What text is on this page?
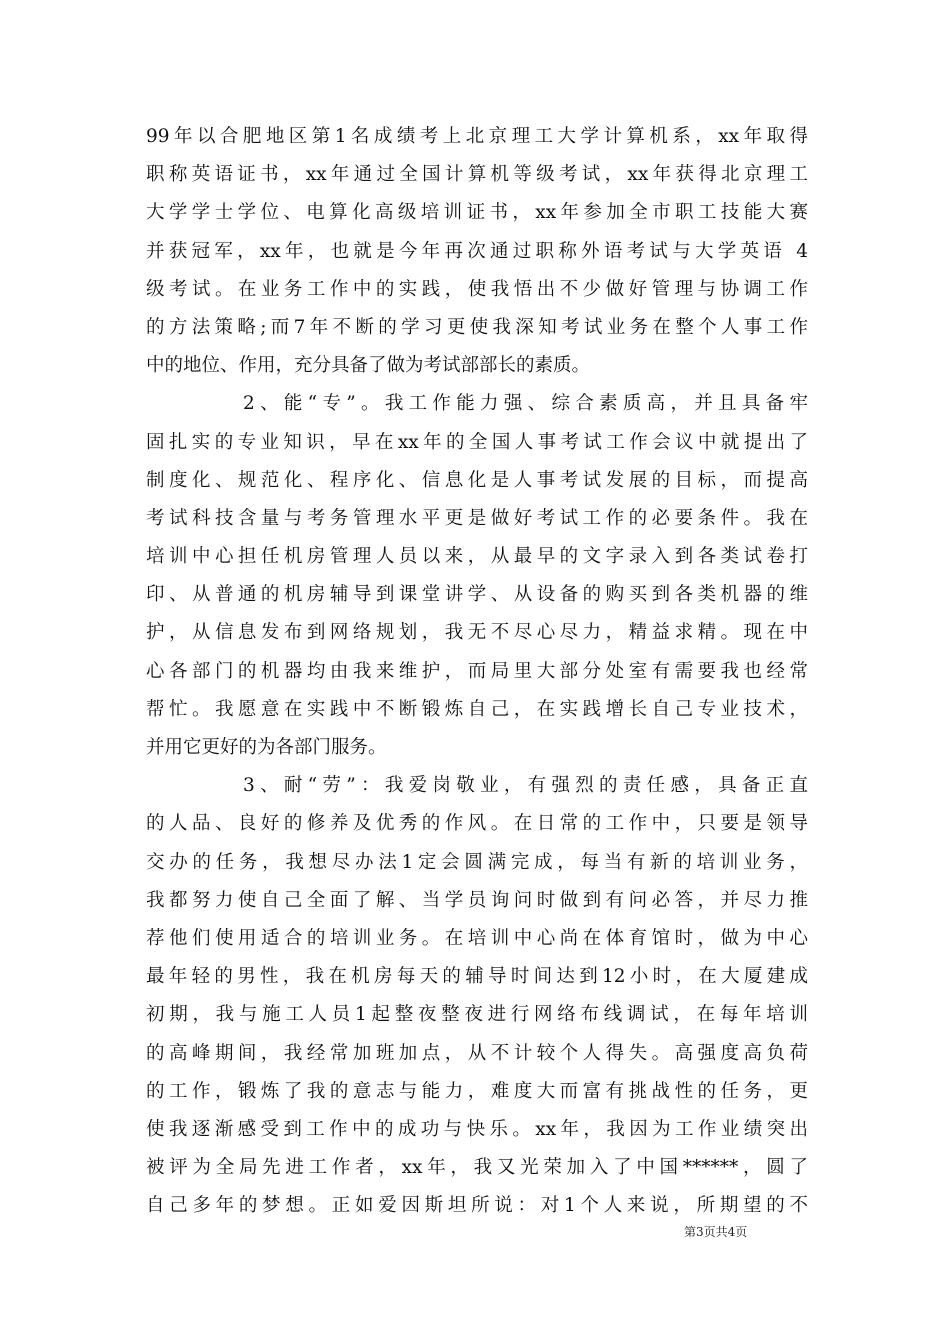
99年以合肥地区第1名成绩考上北京理工大学计算机系，xx年取得
职称英语证书，xx年通过全国计算机等级考试，xx年获得北京理工
大学学士学位、电算化高级培训证书，xx年参加全市职工技能大赛
并获冠军，xx年，也就是今年再次通过职称外语考试与大学英语 4
级考试。在业务工作中的实践，使我悟出不少做好管理与协调工作
的方法策略;而7年不断的学习更使我深知考试业务在整个人事工作
中的地位、作用，充分具备了做为考试部部长的素质。
2、能“专”。我工作能力强、综合素质高，并且具备牢
固扎实的专业知识，早在xx年的全国人事考试工作会议中就提出了
制度化、规范化、程序化、信息化是人事考试发展的目标，而提高
考试科技含量与考务管理水平更是做好考试工作的必要条件。我在
培训中心担任机房管理人员以来，从最早的文字录入到各类试卷打
印、从普通的机房辅导到课堂讲学、从设备的购买到各类机器的维
护，从信息发布到网络规划，我无不尽心尽力，精益求精。现在中
心各部门的机器均由我来维护，而局里大部分处室有需要我也经常
帮忙。我愿意在实践中不断锻炼自己，在实践增长自己专业技术，
并用它更好的为各部门服务。
3、耐“劳”：我爱岗敬业，有强烈的责任感，具备正直
的人品、良好的修养及优秀的作风。在日常的工作中，只要是领导
交办的任务，我想尽办法1定会圆满完成，每当有新的培训业务，
我都努力使自己全面了解、当学员询问时做到有问必答，并尽力推
荐他们使用适合的培训业务。在培训中心尚在体育馆时，做为中心
最年轻的男性，我在机房每天的辅导时间达到12小时，在大厦建成
初期，我与施工人员1起整夜整夜进行网络布线调试，在每年培训
的高峰期间，我经常加班加点，从不计较个人得失。高强度高负荷
的工作，锻炼了我的意志与能力，难度大而富有挑战性的任务，更
使我逐渐感受到工作中的成功与快乐。xx年，我因为工作业绩突出
被评为全局先进工作者，xx年，我又光荣加入了中国******，圆了
自己多年的梦想。正如爱因斯坦所说：对1个人来说，所期望的不
第3页共4页
